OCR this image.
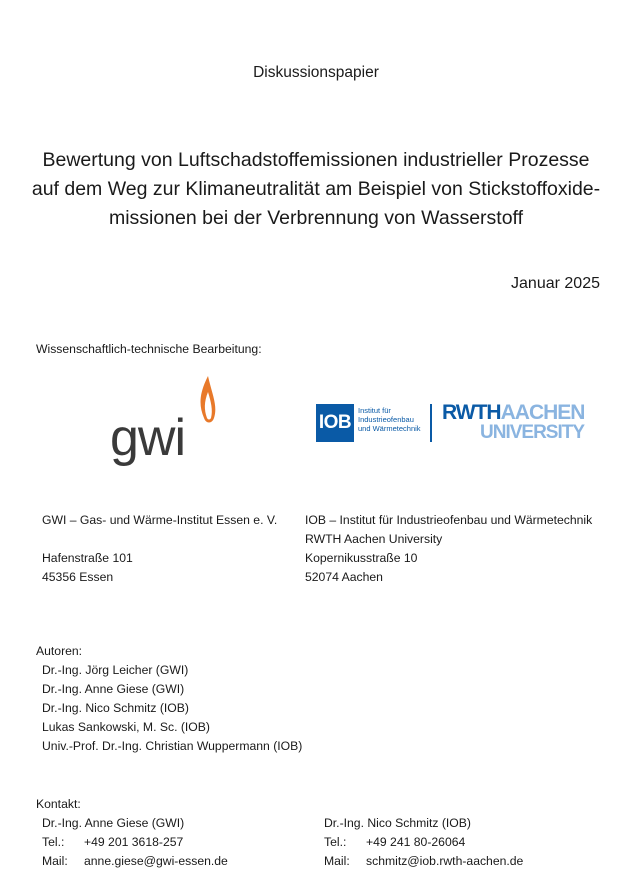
Diskussionspapier
Bewertung von Luftschadstoffemissionen industrieller Prozesse
auf dem Weg zur Klimaneutralität am Beispiel von Stickstoffoxide-
missionen bei der Verbrennung von Wasserstoff
Januar 2025
Wissenschaftlich-technische Bearbeitung:
gwi	IOB
Institut für
Industrieofenbau
und Wärmetechnik
RWTHAACHEN
UNIVERSITY
GWI – Gas- und Wärme-Institut Essen e. V.
Hafenstraße 101
45356 Essen
IOB – Institut für Industrieofenbau und Wärmetechnik
RWTH Aachen University
Kopernikusstraße 10
52074 Aachen
Autoren:
Dr.-Ing. Jörg Leicher (GWI)
Dr.-Ing. Anne Giese (GWI)
Dr.-Ing. Nico Schmitz (IOB)
Lukas Sankowski, M. Sc. (IOB)
Univ.-Prof. Dr.-Ing. Christian Wuppermann (IOB)
Kontakt:
Dr.-Ing. Anne Giese (GWI)
Tel.:	+49 201 3618-257
Mail:	anne.giese@gwi-essen.de
Dr.-Ing. Nico Schmitz (IOB)
Tel.:	+49 241 80-26064
Mail:	schmitz@iob.rwth-aachen.de
